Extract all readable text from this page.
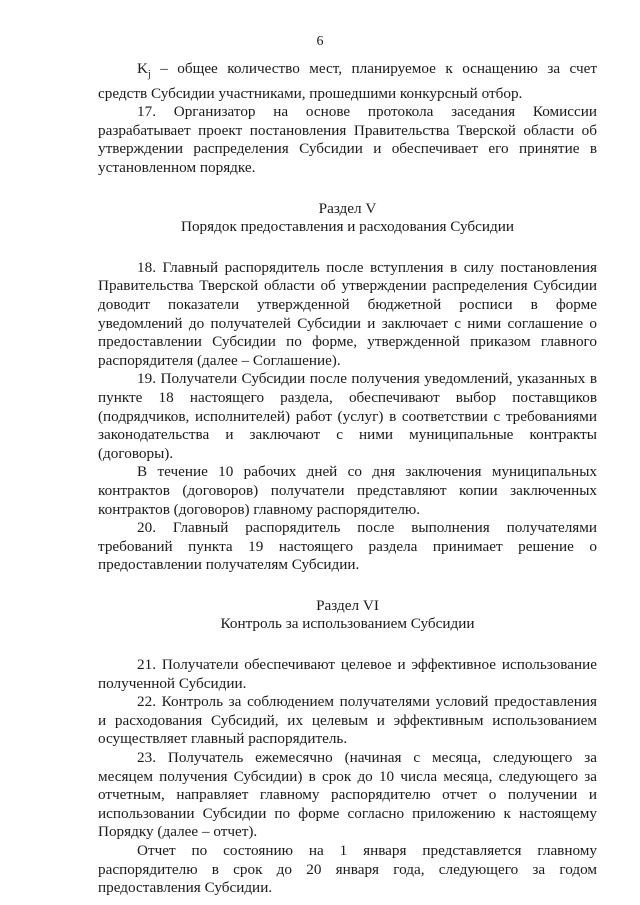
6

$K_j$ – общее количество мест, планируемое к оснащению за счет средств Субсидии участниками, прошедшими конкурсный отбор.

17. Организатор на основе протокола заседания Комиссии разрабатывает проект постановления Правительства Тверской области об утверждении распределения Субсидии и обеспечивает его принятие в установленном порядке.

Раздел V

Порядок предоставления и расходования Субсидии

18. Главный распорядитель после вступления в силу постановления Правительства Тверской области об утверждении распределения Субсидии доводит показатели утвержденной бюджетной росписи в форме уведомлений до получателей Субсидии и заключает с ними соглашение о предоставлении Субсидии по форме, утвержденной приказом главного распорядителя (далее – Соглашение).

19. Получатели Субсидии после получения уведомлений, указанных в пункте 18 настоящего раздела, обеспечивают выбор поставщиков (подрядчиков, исполнителей) работ (услуг) в соответствии с требованиями законодательства и заключают с ними муниципальные контракты (договоры).

В течение 10 рабочих дней со дня заключения муниципальных контрактов (договоров) получатели представляют копии заключенных контрактов (договоров) главному распорядителю.

20. Главный распорядитель после выполнения получателями требований пункта 19 настоящего раздела принимает решение о предоставлении получателям Субсидии.

Раздел VI

Контроль за использованием Субсидии

21. Получатели обеспечивают целевое и эффективное использование полученной Субсидии.

22. Контроль за соблюдением получателями условий предоставления и расходования Субсидий, их целевым и эффективным использованием осуществляет главный распорядитель.

23. Получатель ежемесячно (начиная с месяца, следующего за месяцем получения Субсидии) в срок до 10 числа месяца, следующего за отчетным, направляет главному распорядителю отчет о получении и использовании Субсидии по форме согласно приложению к настоящему Порядку (далее – отчет).

Отчет по состоянию на 1 января представляется главному распорядителю в срок до 20 января года, следующего за годом предоставления Субсидии.
